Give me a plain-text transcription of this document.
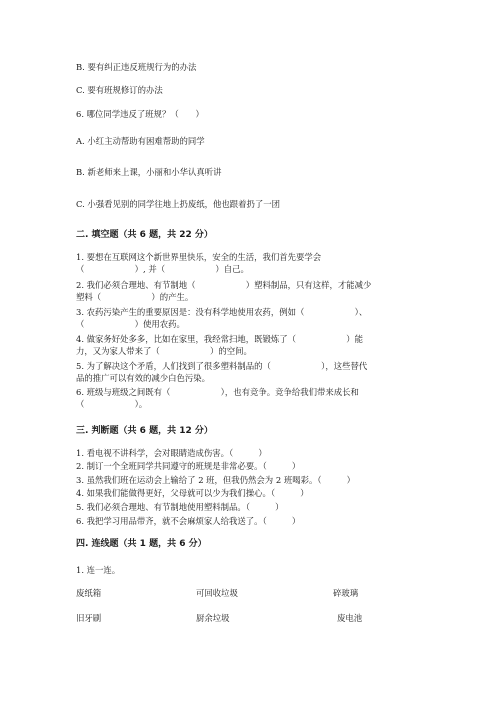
B. 要有纠正违反班规行为的办法
C. 要有班规修订的办法
6. 哪位同学违反了班规？（　　）
A. 小红主动帮助有困难帮助的同学
B. 新老师来上课，小丽和小华认真听讲
C. 小强看见别的同学往地上扔废纸，他也跟着扔了一团
二. 填空题（共 6 题，共 22 分）
1. 要想在互联网这个新世界里快乐，安全的生活，我们首先要学会
（　　　　　　）, 并（　　　　　　）自己。
2. 我们必须合理地、有节制地（　　　　　　）塑料制品，只有这样，才能减少
塑料（　　　　　　）的产生。
3. 农药污染产生的重要原因是：没有科学地使用农药，例如（　　　　　　）、
（　　　　　　）使用农药。
4. 做家务好处多多，比如在家里，我经常扫地，既锻炼了（　　　　　　）能
力，又为家人带来了（　　　　　　）的空间。
5. 为了解决这个矛盾，人们找到了很多塑料制品的（　　　　　　），这些替代
品的推广可以有效的减少白色污染。
6. 班级与班级之间既有（　　　　　　），也有竞争。竞争给我们带来成长和
（　　　　　　）。
三. 判断题（共 6 题，共 12 分）
1. 看电视不讲科学，会对眼睛造成伤害。（　　　）
2. 制订一个全班同学共同遵守的班规是非常必要。（　　　）
3. 虽然我们班在运动会上输给了 2 班，但我仍然会为 2 班喝彩。（　　　）
4. 如果我们能做得更好，父母就可以少为我们操心。（　　　）
5. 我们必须合理地、有节制地使用塑料制品。（　　　）
6. 我把学习用品带齐，就不会麻烦家人给我送了。（　　　）
四. 连线题（共 1 题，共 6 分）
1. 连一连。
废纸箱	可回收垃圾	碎玻璃
旧牙刷	厨余垃圾	废电池
